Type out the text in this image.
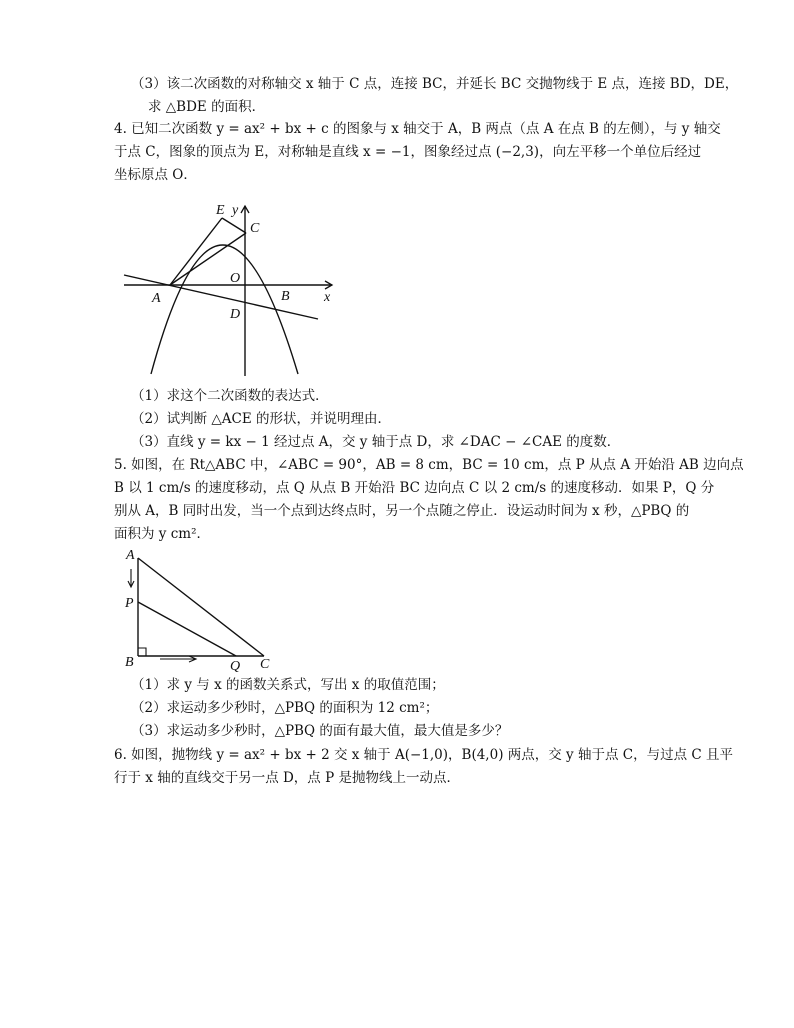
（3）该二次函数的对称轴交 x 轴于 C 点，连接 BC，并延长 BC 交抛物线于 E 点，连接 BD，DE，
求 △BDE 的面积．
4. 已知二次函数 y = ax² + bx + c 的图象与 x 轴交于 A，B 两点（点 A 在点 B 的左侧），与 y 轴交
于点 C，图象的顶点为 E，对称轴是直线 x = −1，图象经过点 (−2,3)，向左平移一个单位后经过
坐标原点 O．
E y
C
O
A	B x
D
（1）求这个二次函数的表达式．
（2）试判断 △ACE 的形状，并说明理由．
（3）直线 y = kx − 1 经过点 A，交 y 轴于点 D，求 ∠DAC − ∠CAE 的度数．
5. 如图，在 Rt△ABC 中，∠ABC = 90°，AB = 8 cm，BC = 10 cm，点 P 从点 A 开始沿 AB 边向点
B 以 1 cm/s 的速度移动，点 Q 从点 B 开始沿 BC 边向点 C 以 2 cm/s 的速度移动．如果 P，Q 分
别从 A，B 同时出发，当一个点到达终点时，另一个点随之停止．设运动时间为 x 秒，△PBQ 的
面积为 y cm²．
A
P
B	Q C
（1）求 y 与 x 的函数关系式，写出 x 的取值范围；
（2）求运动多少秒时，△PBQ 的面积为 12 cm²；
（3）求运动多少秒时，△PBQ 的面有最大值，最大值是多少？
6. 如图，抛物线 y = ax² + bx + 2 交 x 轴于 A(−1,0)，B(4,0) 两点，交 y 轴于点 C，与过点 C 且平
行于 x 轴的直线交于另一点 D，点 P 是抛物线上一动点．
